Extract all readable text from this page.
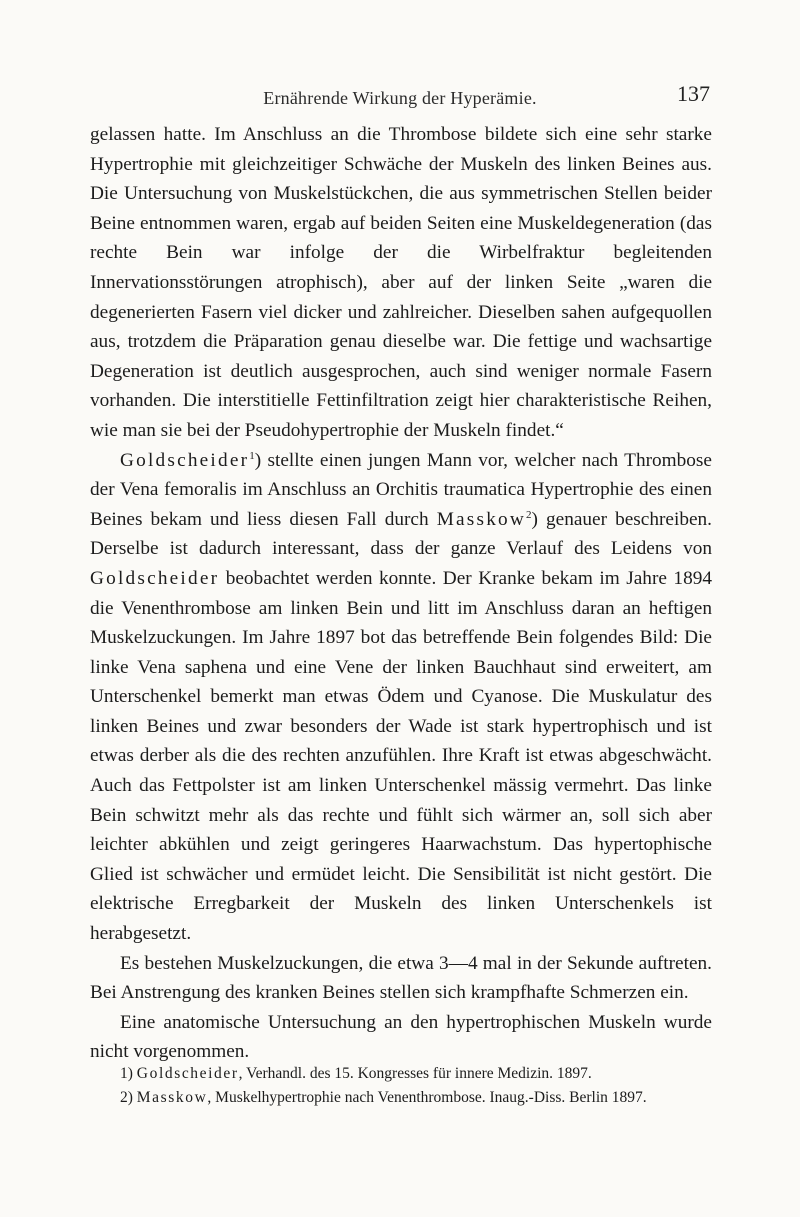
Ernährende Wirkung der Hyperämie.	137

gelassen hatte. Im Anschluss an die Thrombose bildete sich eine sehr starke Hypertrophie mit gleichzeitiger Schwäche der Muskeln des linken Beines aus. Die Untersuchung von Muskelstückchen, die aus symmetrischen Stellen beider Beine entnommen waren, ergab auf beiden Seiten eine Muskeldegeneration (das rechte Bein war infolge der die Wirbelfraktur begleitenden Innervationsstörungen atrophisch), aber auf der linken Seite „waren die degenerierten Fasern viel dicker und zahlreicher. Dieselben sahen aufgequollen aus, trotzdem die Präparation genau dieselbe war. Die fettige und wachsartige Degeneration ist deutlich ausgesprochen, auch sind weniger normale Fasern vorhanden. Die interstitielle Fettinfiltration zeigt hier charakteristische Reihen, wie man sie bei der Pseudohypertrophie der Muskeln findet.“

Goldscheider$^1$) stellte einen jungen Mann vor, welcher nach Thrombose der Vena femoralis im Anschluss an Orchitis traumatica Hypertrophie des einen Beines bekam und liess diesen Fall durch Masskow$^2$) genauer beschreiben. Derselbe ist dadurch interessant, dass der ganze Verlauf des Leidens von Goldscheider beobachtet werden konnte. Der Kranke bekam im Jahre 1894 die Venenthrombose am linken Bein und litt im Anschluss daran an heftigen Muskelzuckungen. Im Jahre 1897 bot das betreffende Bein folgendes Bild: Die linke Vena saphena und eine Vene der linken Bauchhaut sind erweitert, am Unterschenkel bemerkt man etwas Ödem und Cyanose. Die Muskulatur des linken Beines und zwar besonders der Wade ist stark hypertrophisch und ist etwas derber als die des rechten anzufühlen. Ihre Kraft ist etwas abgeschwächt. Auch das Fettpolster ist am linken Unterschenkel mässig vermehrt. Das linke Bein schwitzt mehr als das rechte und fühlt sich wärmer an, soll sich aber leichter abkühlen und zeigt geringeres Haarwachstum. Das hypertophische Glied ist schwächer und ermüdet leicht. Die Sensibilität ist nicht gestört. Die elektrische Erregbarkeit der Muskeln des linken Unterschenkels ist herabgesetzt.

Es bestehen Muskelzuckungen, die etwa 3—4 mal in der Sekunde auftreten. Bei Anstrengung des kranken Beines stellen sich krampfhafte Schmerzen ein.

Eine anatomische Untersuchung an den hypertrophischen Muskeln wurde nicht vorgenommen.

1) Goldscheider, Verhandl. des 15. Kongresses für innere Medizin. 1897.

2) Masskow, Muskelhypertrophie nach Venenthrombose. Inaug.-Diss. Berlin 1897.
